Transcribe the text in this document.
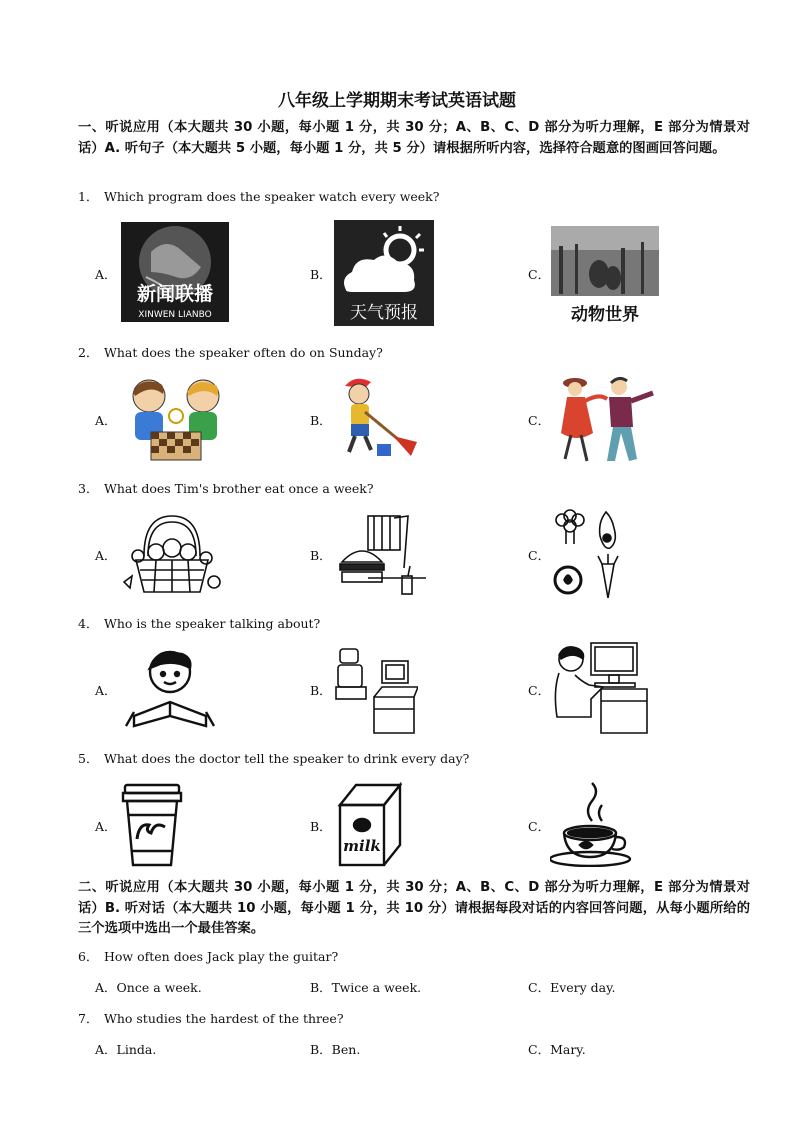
八年级上学期期末考试英语试题
一、听说应用（本大题共 30 小题，每小题 1 分，共 30 分；A、B、C、D 部分为听力理解，E 部分为情景对话）A. 听句子（本大题共 5 小题，每小题 1 分，共 5 分）请根据所听内容，选择符合题意的图画回答问题。
1． Which program does the speaker watch every week?
A．	B．	C．
新闻联播
XINWEN LIANBO	天气预报	动物世界
2． What does the speaker often do on Sunday?
A．	B．	C．
3． What does Tim's brother eat once a week?
A．	B．	C．
4． Who is the speaker talking about?
A．	B．	C．
5． What does the doctor tell the speaker to drink every day?
A．	B．	C．
milk
二、听说应用（本大题共 30 小题，每小题 1 分，共 30 分；A、B、C、D 部分为听力理解，E 部分为情景对话）B. 听对话（本大题共 10 小题，每小题 1 分，共 10 分）请根据每段对话的内容回答问题，从每小题所给的三个选项中选出一个最佳答案。
6． How often does Jack play the guitar?
A．Once a week.	B．Twice a week.	C．Every day.
7． Who studies the hardest of the three?
A．Linda.	B．Ben.	C．Mary.
